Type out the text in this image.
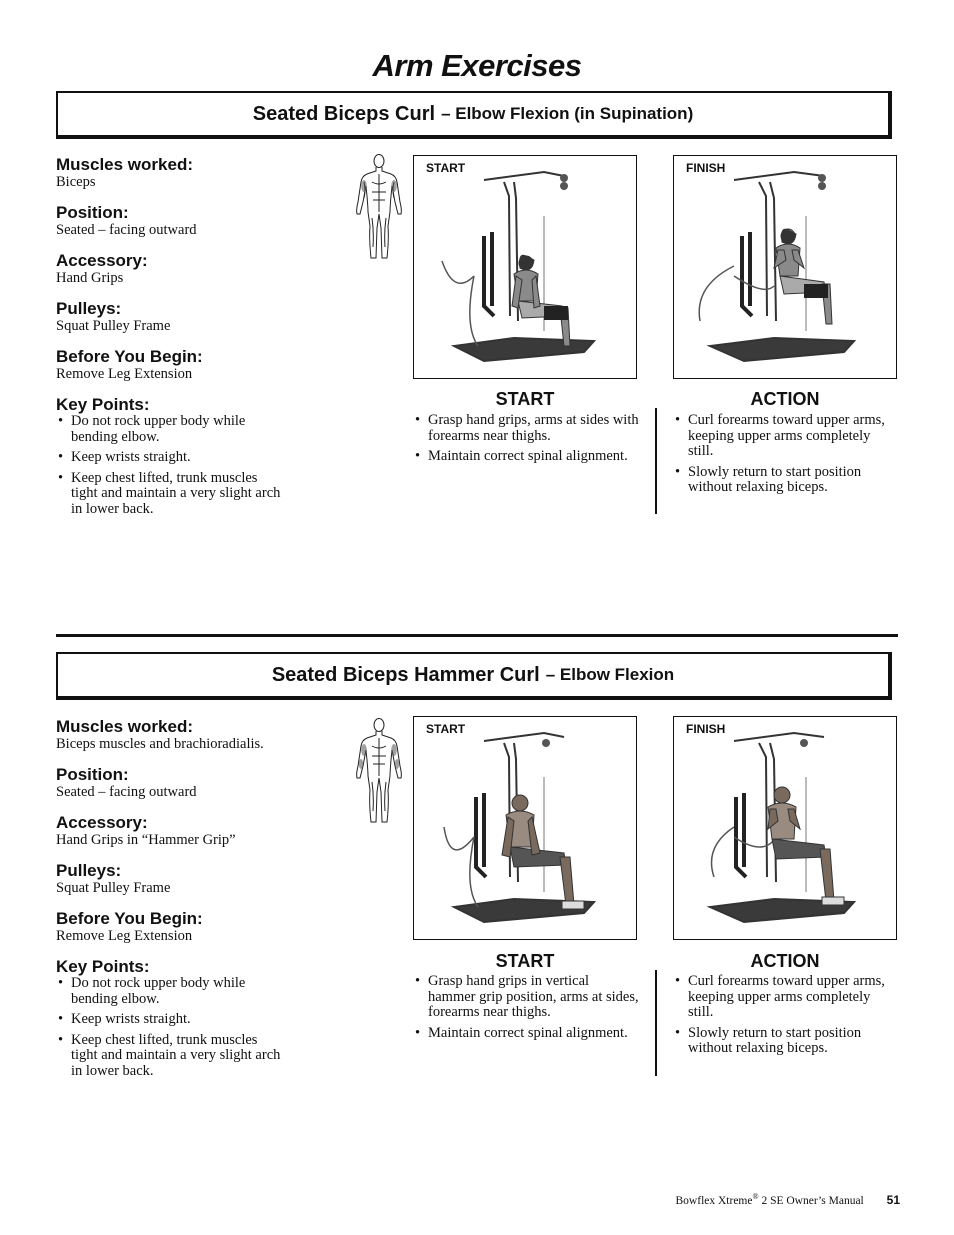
Arm Exercises
Seated Biceps Curl – Elbow Flexion (in Supination)

Muscles worked:

Biceps

Position:

Seated – facing outward

Accessory:

Hand Grips

Pulleys:

Squat Pulley Frame

Before You Begin:

Remove Leg Extension

Key Points:

• Do not rock upper body while bending elbow.
• Keep wrists straight.
• Keep chest lifted, trunk muscles tight and maintain a very slight arch in lower back.
START	FINISH
START	ACTION
• Grasp hand grips, arms at sides with forearms near thighs.
• Maintain correct spinal alignment.
• Curl forearms toward upper arms, keeping upper arms completely still.
• Slowly return to start position without relaxing biceps.
Seated Biceps Hammer Curl – Elbow Flexion

Muscles worked:

Biceps muscles and brachioradialis.

Position:

Seated – facing outward

Accessory:

Hand Grips in “Hammer Grip”

Pulleys:

Squat Pulley Frame

Before You Begin:

Remove Leg Extension

Key Points:

• Do not rock upper body while bending elbow.
• Keep wrists straight.
• Keep chest lifted, trunk muscles tight and maintain a very slight arch in lower back.
START	FINISH
START	ACTION
• Grasp hand grips in vertical hammer grip position, arms at sides, forearms near thighs.
• Maintain correct spinal alignment.
• Curl forearms toward upper arms, keeping upper arms completely still.
• Slowly return to start position without relaxing biceps.
Bowflex Xtreme® 2 SE Owner’s Manual 51
